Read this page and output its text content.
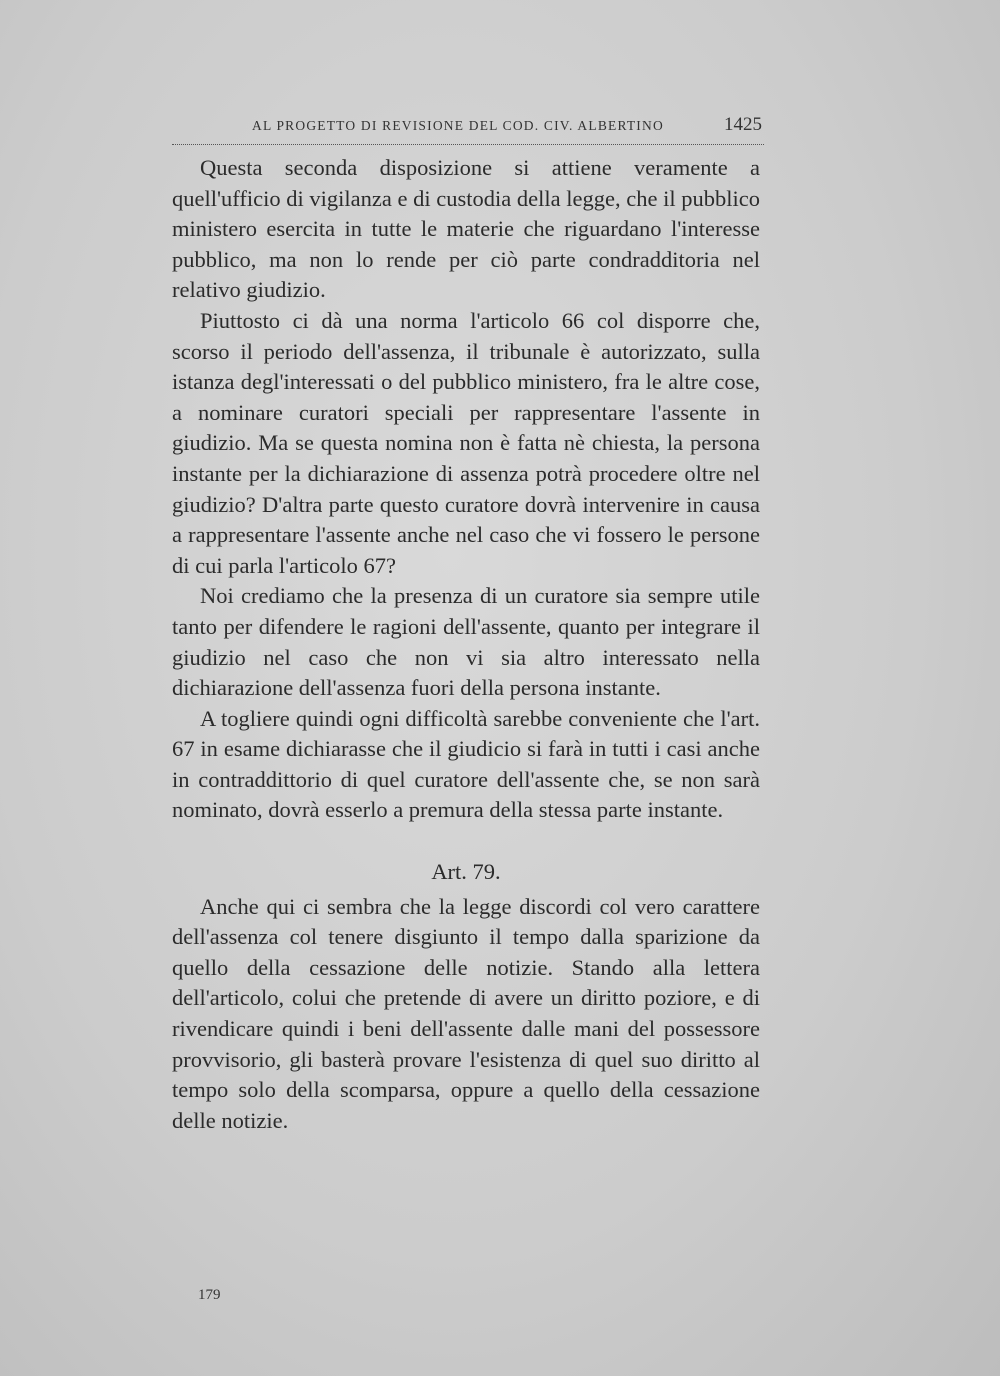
AL PROGETTO DI REVISIONE DEL COD. CIV. ALBERTINO	1425

Questa seconda disposizione si attiene veramente a quell'ufficio di vigilanza e di custodia della legge, che il pubblico ministero esercita in tutte le materie che riguardano l'interesse pubblico, ma non lo rende per ciò parte condradditoria nel relativo giudizio.

Piuttosto ci dà una norma l'articolo 66 col disporre che, scorso il periodo dell'assenza, il tribunale è autorizzato, sulla istanza degl'interessati o del pubblico ministero, fra le altre cose, a nominare curatori speciali per rappresentare l'assente in giudizio. Ma se questa nomina non è fatta nè chiesta, la persona instante per la dichiarazione di assenza potrà procedere oltre nel giudizio? D'altra parte questo curatore dovrà intervenire in causa a rappresentare l'assente anche nel caso che vi fossero le persone di cui parla l'articolo 67?

Noi crediamo che la presenza di un curatore sia sempre utile tanto per difendere le ragioni dell'assente, quanto per integrare il giudizio nel caso che non vi sia altro interessato nella dichiarazione dell'assenza fuori della persona instante.

A togliere quindi ogni difficoltà sarebbe conveniente che l'art. 67 in esame dichiarasse che il giudicio si farà in tutti i casi anche in contraddittorio di quel curatore dell'assente che, se non sarà nominato, dovrà esserlo a premura della stessa parte instante.

Art. 79.

Anche qui ci sembra che la legge discordi col vero carattere dell'assenza col tenere disgiunto il tempo dalla sparizione da quello della cessazione delle notizie. Stando alla lettera dell'articolo, colui che pretende di avere un diritto poziore, e di rivendicare quindi i beni dell'assente dalle mani del possessore provvisorio, gli basterà provare l'esistenza di quel suo diritto al tempo solo della scomparsa, oppure a quello della cessazione delle notizie.

179
